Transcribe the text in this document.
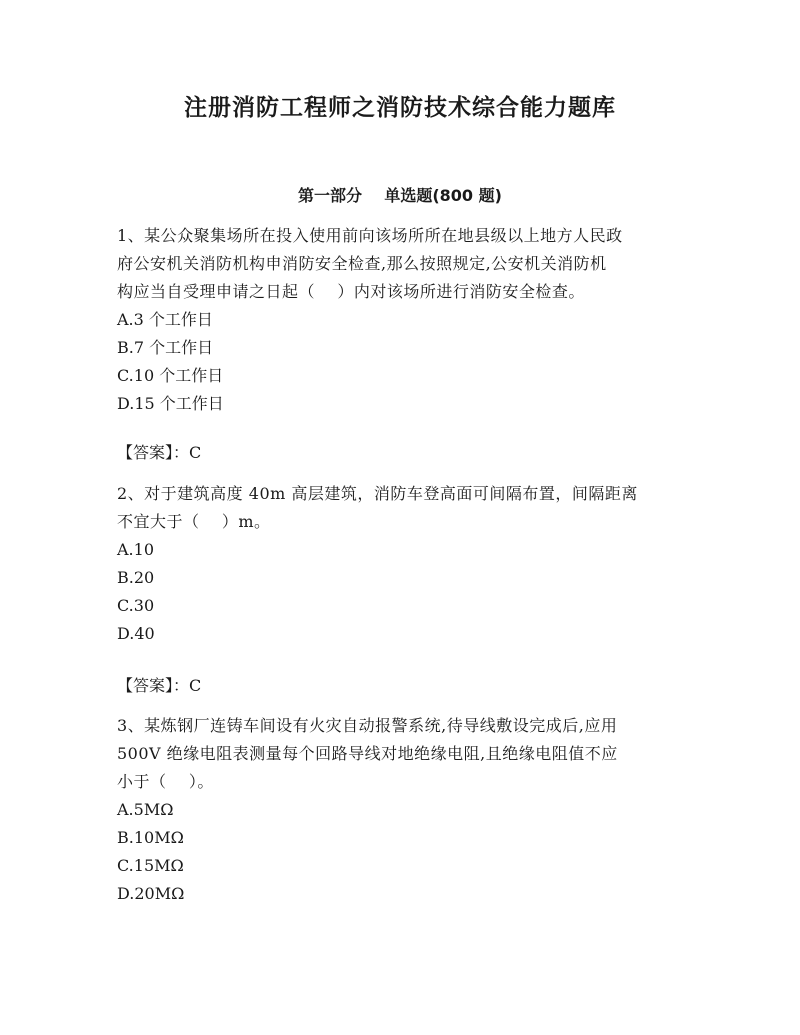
注册消防工程师之消防技术综合能力题库
第一部分    单选题(800 题)
1、某公众聚集场所在投入使用前向该场所所在地县级以上地方人民政
府公安机关消防机构申消防安全检查,那么按照规定,公安机关消防机
构应当自受理申请之日起（    ）内对该场所进行消防安全检查。
A.3 个工作日
B.7 个工作日
C.10 个工作日
D.15 个工作日
【答案】：C
2、对于建筑高度 40m 高层建筑，消防车登高面可间隔布置，间隔距离
不宜大于（    ）m。
A.10
B.20
C.30
D.40
【答案】：C
3、某炼钢厂连铸车间设有火灾自动报警系统,待导线敷设完成后,应用
500V 绝缘电阻表测量每个回路导线对地绝缘电阻,且绝缘电阻值不应
小于（    ）。
A.5MΩ
B.10MΩ
C.15MΩ
D.20MΩ
